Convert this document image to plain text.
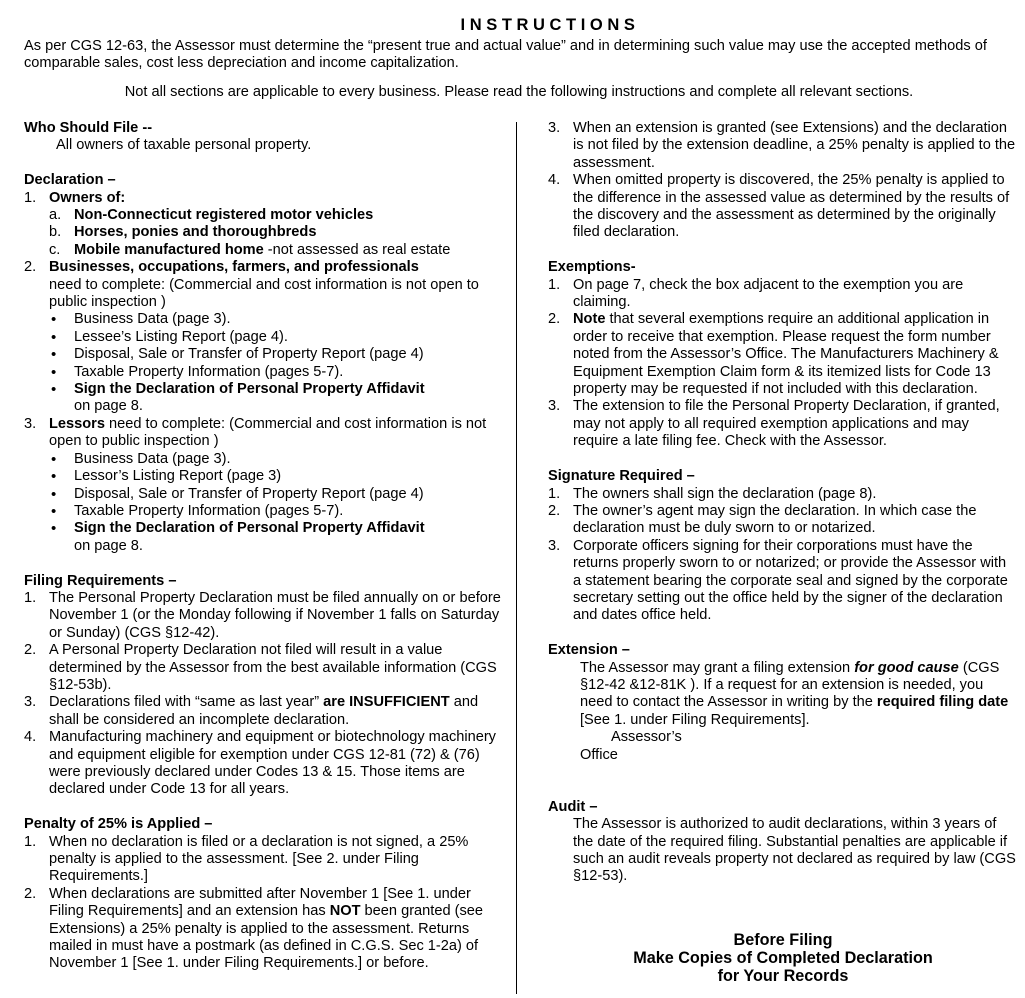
INSTRUCTIONS
As per CGS 12-63, the Assessor must determine the “present true and actual value” and in determining such value may use the accepted methods of comparable sales, cost less depreciation and income capitalization.
Not all sections are applicable to every business. Please read the following instructions and complete all relevant sections.
Who Should File --
All owners of taxable personal property.
Declaration –
1. Owners of:
a. Non-Connecticut registered motor vehicles
b. Horses, ponies and thoroughbreds
c. Mobile manufactured home -not assessed as real estate
2. Businesses, occupations, farmers, and professionals
need to complete: (Commercial and cost information is not open to public inspection )
• Business Data (page 3).
• Lessee’s Listing Report (page 4).
• Disposal, Sale or Transfer of Property Report (page 4)
• Taxable Property Information (pages 5-7).
• Sign the Declaration of Personal Property Affidavit
on page 8.
3. Lessors need to complete: (Commercial and cost information is not open to public inspection )
• Business Data (page 3).
• Lessor’s Listing Report (page 3)
• Disposal, Sale or Transfer of Property Report (page 4)
• Taxable Property Information (pages 5-7).
• Sign the Declaration of Personal Property Affidavit
on page 8.
Filing Requirements –
1. The Personal Property Declaration must be filed annually on or before November 1 (or the Monday following if November 1 falls on Saturday or Sunday) (CGS §12-42).
2. A Personal Property Declaration not filed will result in a value determined by the Assessor from the best available information (CGS §12-53b).
3. Declarations filed with “same as last year” are INSUFFICIENT and shall be considered an incomplete declaration.
4. Manufacturing machinery and equipment or biotechnology machinery and equipment eligible for exemption under CGS 12-81 (72) & (76) were previously declared under Codes 13 & 15. Those items are declared under Code 13 for all years.
Penalty of 25% is Applied –
1. When no declaration is filed or a declaration is not signed, a 25% penalty is applied to the assessment. [See 2. under Filing Requirements.]
2. When declarations are submitted after November 1 [See 1. under Filing Requirements] and an extension has NOT been granted (see Extensions) a 25% penalty is applied to the assessment. Returns mailed in must have a postmark (as defined in C.G.S. Sec 1-2a) of November 1 [See 1. under Filing Requirements.] or before.
3. When an extension is granted (see Extensions) and the declaration is not filed by the extension deadline, a 25% penalty is applied to the assessment.
4. When omitted property is discovered, the 25% penalty is applied to the difference in the assessed value as determined by the results of the discovery and the assessment as determined by the originally filed declaration.
Exemptions-
1. On page 7, check the box adjacent to the exemption you are claiming.
2. Note that several exemptions require an additional application in order to receive that exemption. Please request the form number noted from the Assessor’s Office. The Manufacturers Machinery & Equipment Exemption Claim form & its itemized lists for Code 13 property may be requested if not included with this declaration.
3. The extension to file the Personal Property Declaration, if granted, may not apply to all required exemption applications and may require a late filing fee. Check with the Assessor.
Signature Required –
1. The owners shall sign the declaration (page 8).
2. The owner’s agent may sign the declaration. In which case the declaration must be duly sworn to or notarized.
3. Corporate officers signing for their corporations must have the returns properly sworn to or notarized; or provide the Assessor with a statement bearing the corporate seal and signed by the corporate secretary setting out the office held by the signer of the declaration and dates office held.
Extension –
The Assessor may grant a filing extension for good cause (CGS §12-42 &12-81K ). If a request for an extension is needed, you need to contact the Assessor in writing by the required filing date [See 1. under Filing Requirements].
Assessor’s
Office
Audit –
The Assessor is authorized to audit declarations, within 3 years of the date of the required filing. Substantial penalties are applicable if such an audit reveals property not declared as required by law (CGS §12-53).
Before Filing
Make Copies of Completed Declaration
for Your Records
